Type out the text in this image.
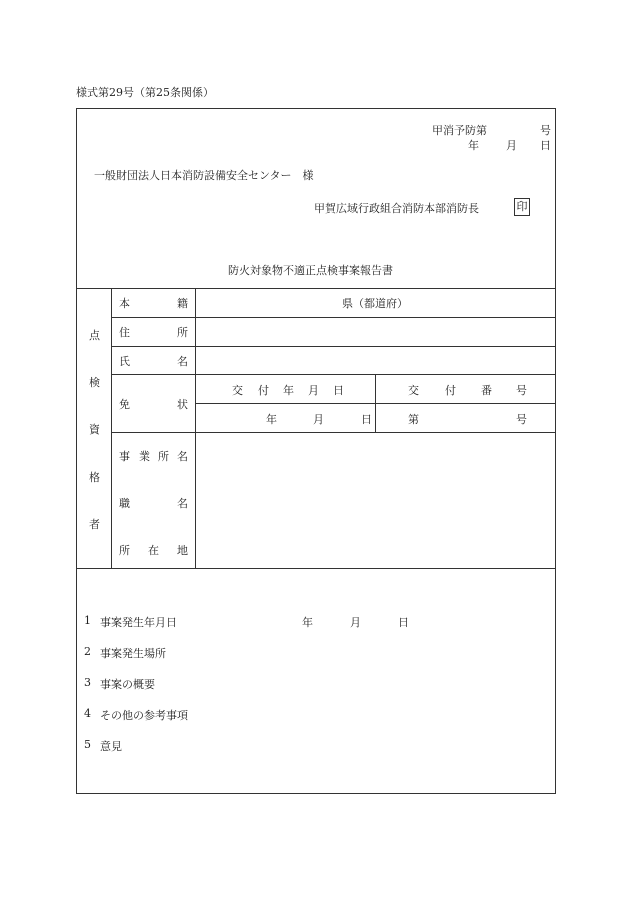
様式第29号（第25条関係）
甲消予防第	号
年 月 日
一般財団法人日本消防設備安全センター　様
甲賀広域行政組合消防本部消防長	印
防火対象物不適正点検事案報告書
点
検
資
格
者
本	籍	県（都道府）
住	所
氏	名
免	状
交 付 年 月 日	交 付 番 号
年	月	日	第	号
事 業 所 名
職	名
所 在 地
1 事案発生年月日	年	月	日
2 事案発生場所
3 事案の概要
4 その他の参考事項
5 意見
